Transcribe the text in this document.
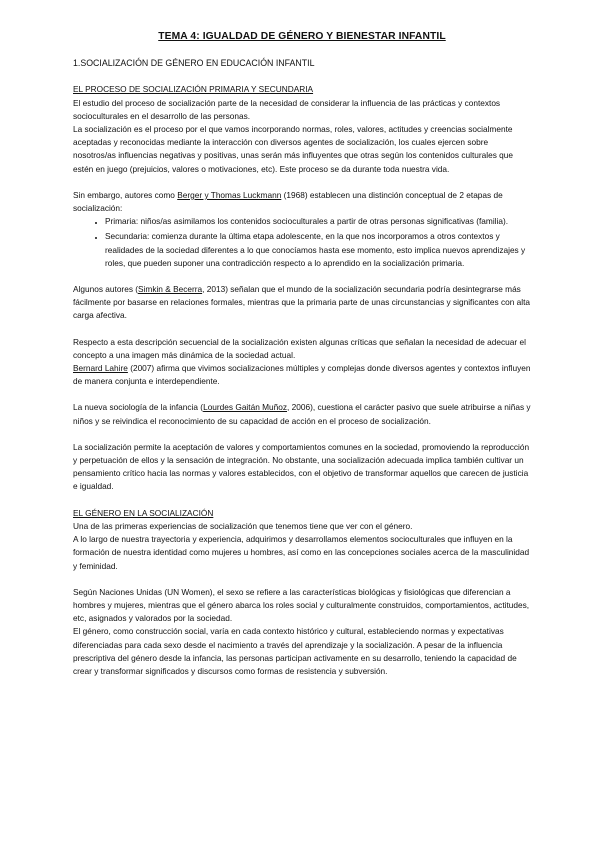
TEMA 4: IGUALDAD DE GÉNERO Y BIENESTAR INFANTIL
1.SOCIALIZACIÓN DE GÉNERO EN EDUCACIÓN INFANTIL

EL PROCESO DE SOCIALIZACIÓN PRIMARIA Y SECUNDARIA

El estudio del proceso de socialización parte de la necesidad de considerar la influencia de las prácticas y contextos socioculturales en el desarrollo de las personas.

La socialización es el proceso por el que vamos incorporando normas, roles, valores, actitudes y creencias socialmente aceptadas y reconocidas mediante la interacción con diversos agentes de socialización, los cuales ejercen sobre nosotros/as influencias negativas y positivas, unas serán más influyentes que otras según los contenidos culturales que estén en juego (prejuicios, valores o motivaciones, etc). Este proceso se da durante toda nuestra vida.

Sin embargo, autores como Berger y Thomas Luckmann (1968) establecen una distinción conceptual de 2 etapas de socialización:

• Primaria: niños/as asimilamos los contenidos socioculturales a partir de otras personas significativas (familia).
• Secundaria: comienza durante la última etapa adolescente, en la que nos incorporamos a otros contextos y realidades de la sociedad diferentes a lo que conocíamos hasta ese momento, esto implica nuevos aprendizajes y roles, que pueden suponer una contradicción respecto a lo aprendido en la socialización primaria.

Algunos autores (Simkin & Becerra, 2013) señalan que el mundo de la socialización secundaria podría desintegrarse más fácilmente por basarse en relaciones formales, mientras que la primaria parte de unas circunstancias y significantes con alta carga afectiva.

Respecto a esta descripción secuencial de la socialización existen algunas críticas que señalan la necesidad de adecuar el concepto a una imagen más dinámica de la sociedad actual.

Bernard Lahire (2007) afirma que vivimos socializaciones múltiples y complejas donde diversos agentes y contextos influyen de manera conjunta e interdependiente.

La nueva sociología de la infancia (Lourdes Gaitán Muñoz, 2006), cuestiona el carácter pasivo que suele atribuirse a niñas y niños y se reivindica el reconocimiento de su capacidad de acción en el proceso de socialización.

La socialización permite la aceptación de valores y comportamientos comunes en la sociedad, promoviendo la reproducción y perpetuación de ellos y la sensación de integración. No obstante, una socialización adecuada implica también cultivar un pensamiento crítico hacia las normas y valores establecidos, con el objetivo de transformar aquellos que carecen de justicia e igualdad.

EL GÉNERO EN LA SOCIALIZACIÓN

Una de las primeras experiencias de socialización que tenemos tiene que ver con el género.

A lo largo de nuestra trayectoria y experiencia, adquirimos y desarrollamos elementos socioculturales que influyen en la formación de nuestra identidad como mujeres u hombres, así como en las concepciones sociales acerca de la masculinidad y feminidad.

Según Naciones Unidas (UN Women), el sexo se refiere a las características biológicas y fisiológicas que diferencian a hombres y mujeres, mientras que el género abarca los roles social y culturalmente construidos, comportamientos, actitudes, etc, asignados y valorados por la sociedad.

El género, como construcción social, varía en cada contexto histórico y cultural, estableciendo normas y expectativas diferenciadas para cada sexo desde el nacimiento a través del aprendizaje y la socialización. A pesar de la influencia prescriptiva del género desde la infancia, las personas participan activamente en su desarrollo, teniendo la capacidad de crear y transformar significados y discursos como formas de resistencia y subversión.
